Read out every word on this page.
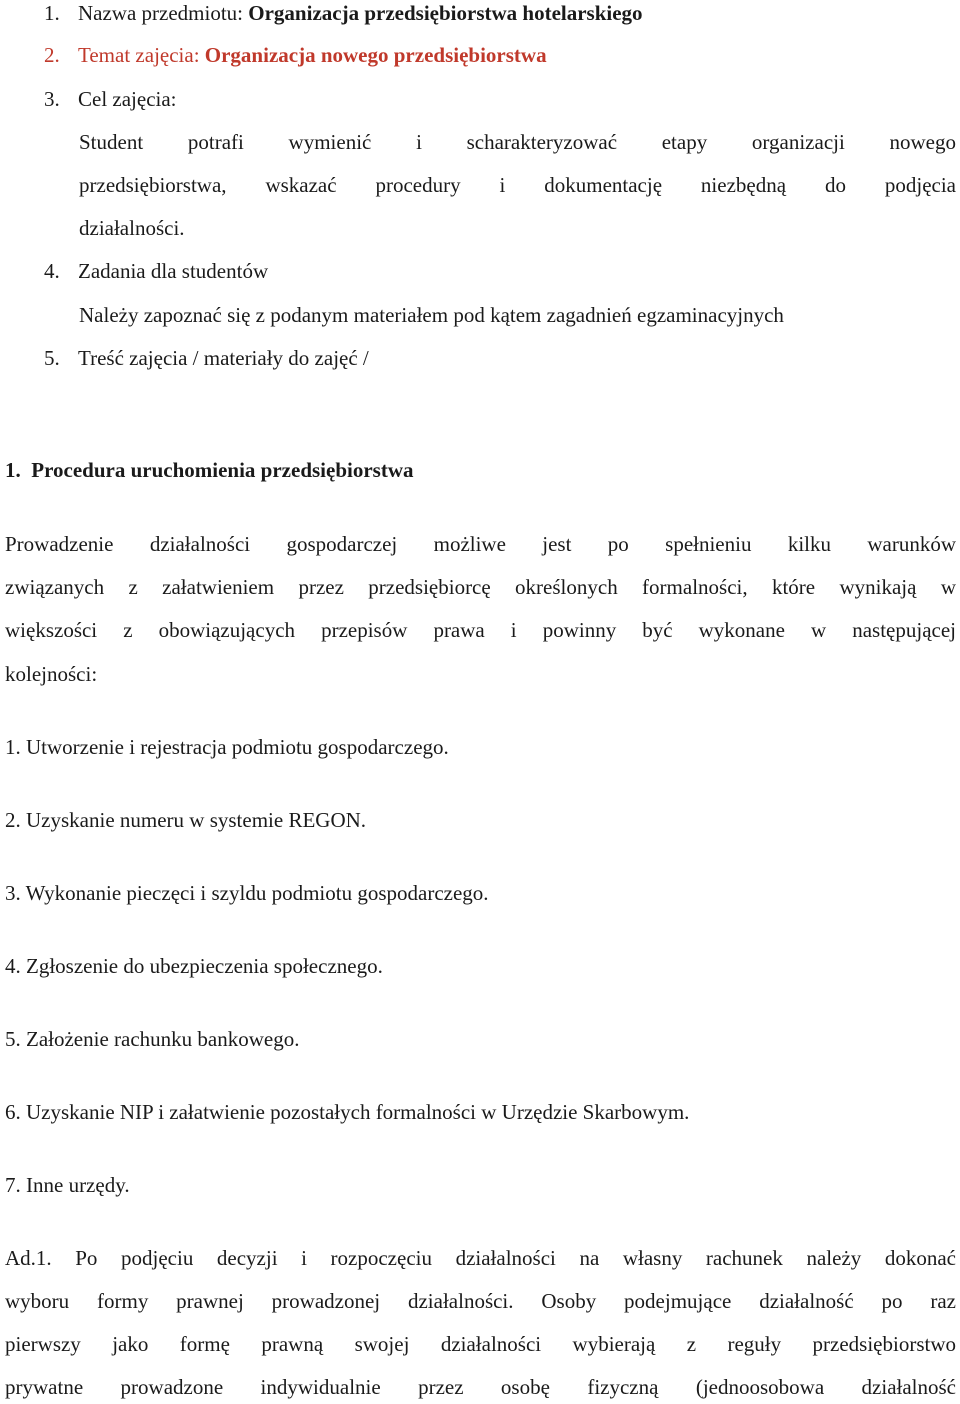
1. Nazwa przedmiotu: Organizacja przedsiębiorstwa hotelarskiego
2. Temat zajęcia: Organizacja nowego przedsiębiorstwa
3. Cel zajęcia:
Student potrafi wymienić i scharakteryzować etapy organizacji nowego
przedsiębiorstwa, wskazać procedury i dokumentację niezbędną do podjęcia
działalności.
4. Zadania dla studentów
Należy zapoznać się z podanym materiałem pod kątem zagadnień egzaminacyjnych
5. Treść zajęcia / materiały do zajęć /
1.  Procedura uruchomienia przedsiębiorstwa
Prowadzenie działalności gospodarczej możliwe jest po spełnieniu kilku warunków
związanych z załatwieniem przez przedsiębiorcę określonych formalności, które wynikają w
większości z obowiązujących przepisów prawa i powinny być wykonane w następującej
kolejności:
1. Utworzenie i rejestracja podmiotu gospodarczego.
2. Uzyskanie numeru w systemie REGON.
3. Wykonanie pieczęci i szyldu podmiotu gospodarczego.
4. Zgłoszenie do ubezpieczenia społecznego.
5. Założenie rachunku bankowego.
6. Uzyskanie NIP i załatwienie pozostałych formalności w Urzędzie Skarbowym.
7. Inne urzędy.
Ad.1. Po podjęciu decyzji i rozpoczęciu działalności na własny rachunek należy dokonać
wyboru formy prawnej prowadzonej działalności. Osoby podejmujące działalność po raz
pierwszy jako formę prawną swojej działalności wybierają z reguły przedsiębiorstwo
prywatne prowadzone indywidualnie przez osobę fizyczną (jednoosobowa działalność
